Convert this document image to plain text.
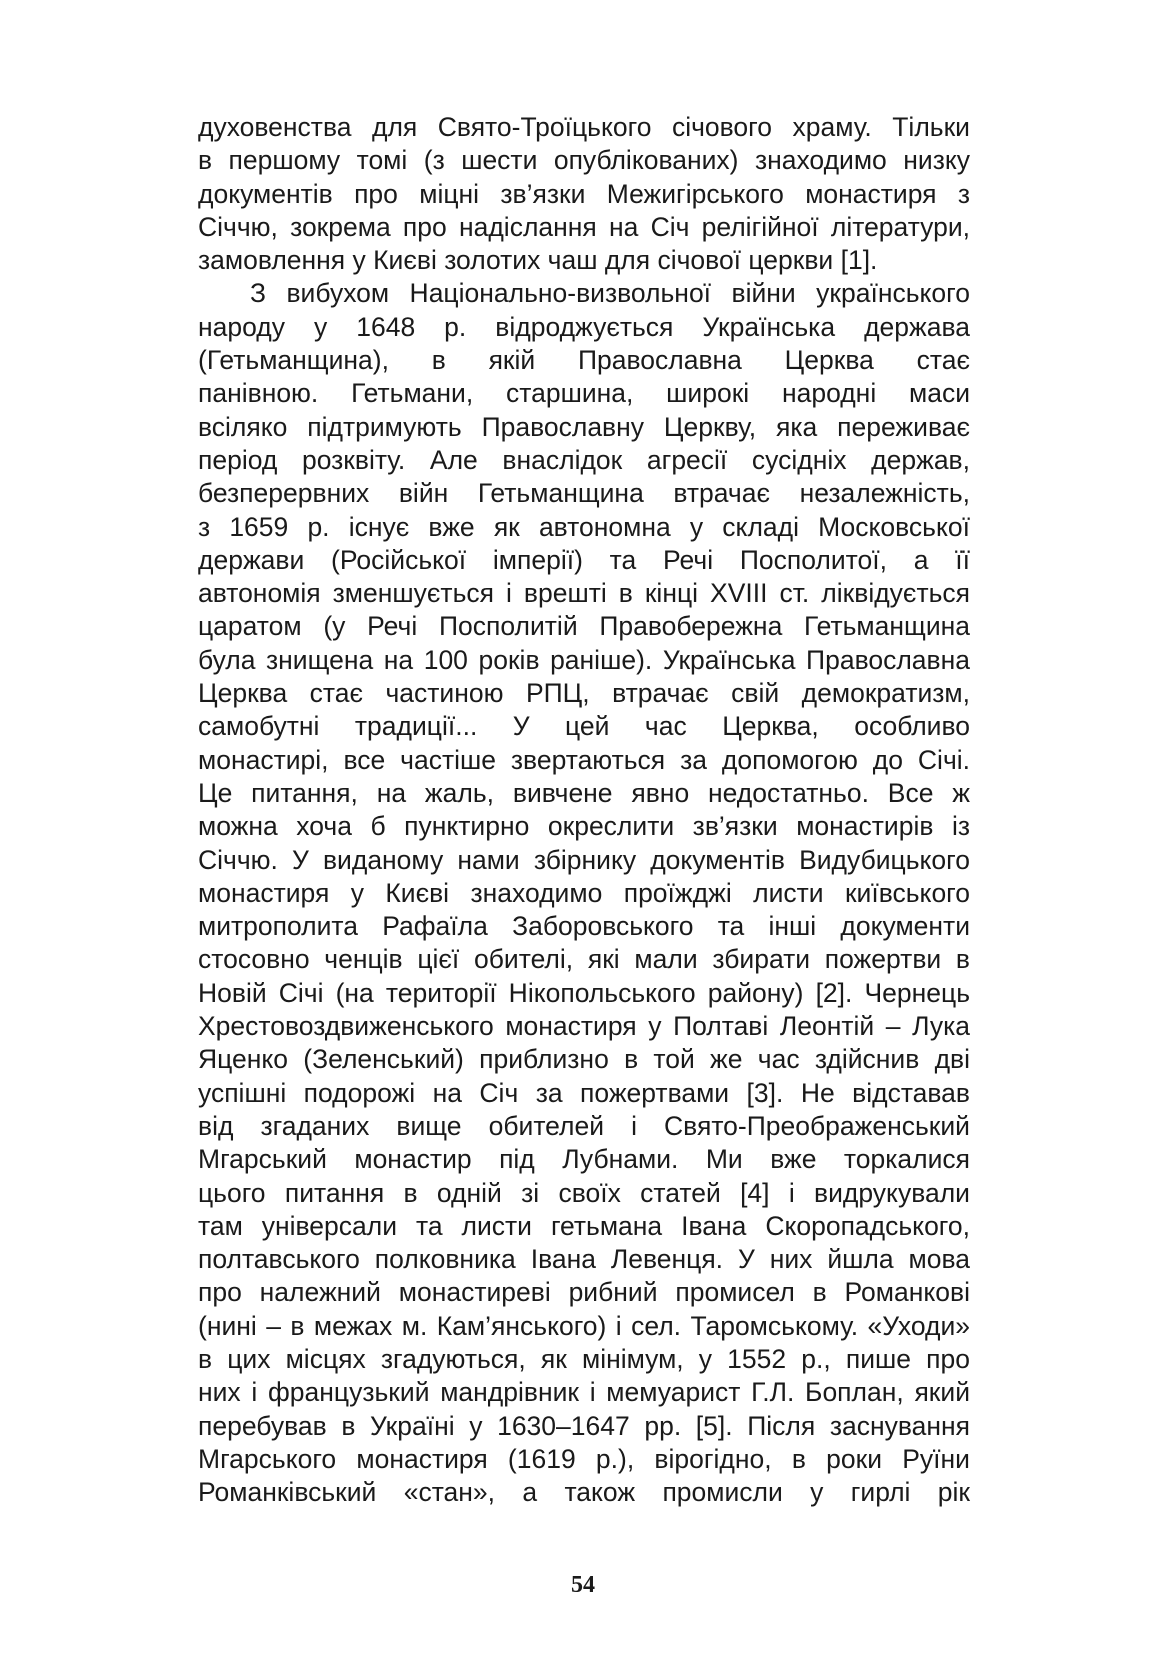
духовенства для Свято-Троїцького січового храму. Тільки
в першому томі (з шести опублікованих) знаходимо низку
документів про міцні зв’язки Межигірського монастиря з
Січчю, зокрема про надіслання на Січ релігійної літератури,
замовлення у Києві золотих чаш для січової церкви [1].
З вибухом Національно-визвольної війни українського
народу у 1648 р. відроджується Українська держава
(Гетьманщина), в якій Православна Церква стає
панівною. Гетьмани, старшина, широкі народні маси
всіляко підтримують Православну Церкву, яка переживає
період розквіту. Але внаслідок агресії сусідніх держав,
безперервних війн Гетьманщина втрачає незалежність,
з 1659 р. існує вже як автономна у складі Московської
держави (Російської імперії) та Речі Посполитої, а її
автономія зменшується і врешті в кінці XVIII ст. ліквідується
царатом (у Речі Посполитій Правобережна Гетьманщина
була знищена на 100 років раніше). Українська Православна
Церква стає частиною РПЦ, втрачає свій демократизм,
самобутні традиції... У цей час Церква, особливо
монастирі, все частіше звертаються за допомогою до Січі.
Це питання, на жаль, вивчене явно недостатньо. Все ж
можна хоча б пунктирно окреслити зв’язки монастирів із
Січчю. У виданому нами збірнику документів Видубицького
монастиря у Києві знаходимо проїжджі листи київського
митрополита Рафаїла Заборовського та інші документи
стосовно ченців цієї обителі, які мали збирати пожертви в
Новій Січі (на території Нікопольського району) [2]. Чернець
Хрестовоздвиженського монастиря у Полтаві Леонтій – Лука
Яценко (Зеленський) приблизно в той же час здійснив дві
успішні подорожі на Січ за пожертвами [3]. Не відставав
від згаданих вище обителей і Свято-Преображенський
Мгарський монастир під Лубнами. Ми вже торкалися
цього питання в одній зі своїх статей [4] і видрукували
там універсали та листи гетьмана Івана Скоропадського,
полтавського полковника Івана Левенця. У них йшла мова
про належний монастиреві рибний промисел в Романкові
(нині – в межах м. Кам’янського) і сел. Таромському. «Уходи»
в цих місцях згадуються, як мінімум, у 1552 р., пише про
них і французький мандрівник і мемуарист Г.Л. Боплан, який
перебував в Україні у 1630–1647 рр. [5]. Після заснування
Мгарського монастиря (1619 р.), вірогідно, в роки Руїни
Романківський «стан», а також промисли у гирлі рік
54
